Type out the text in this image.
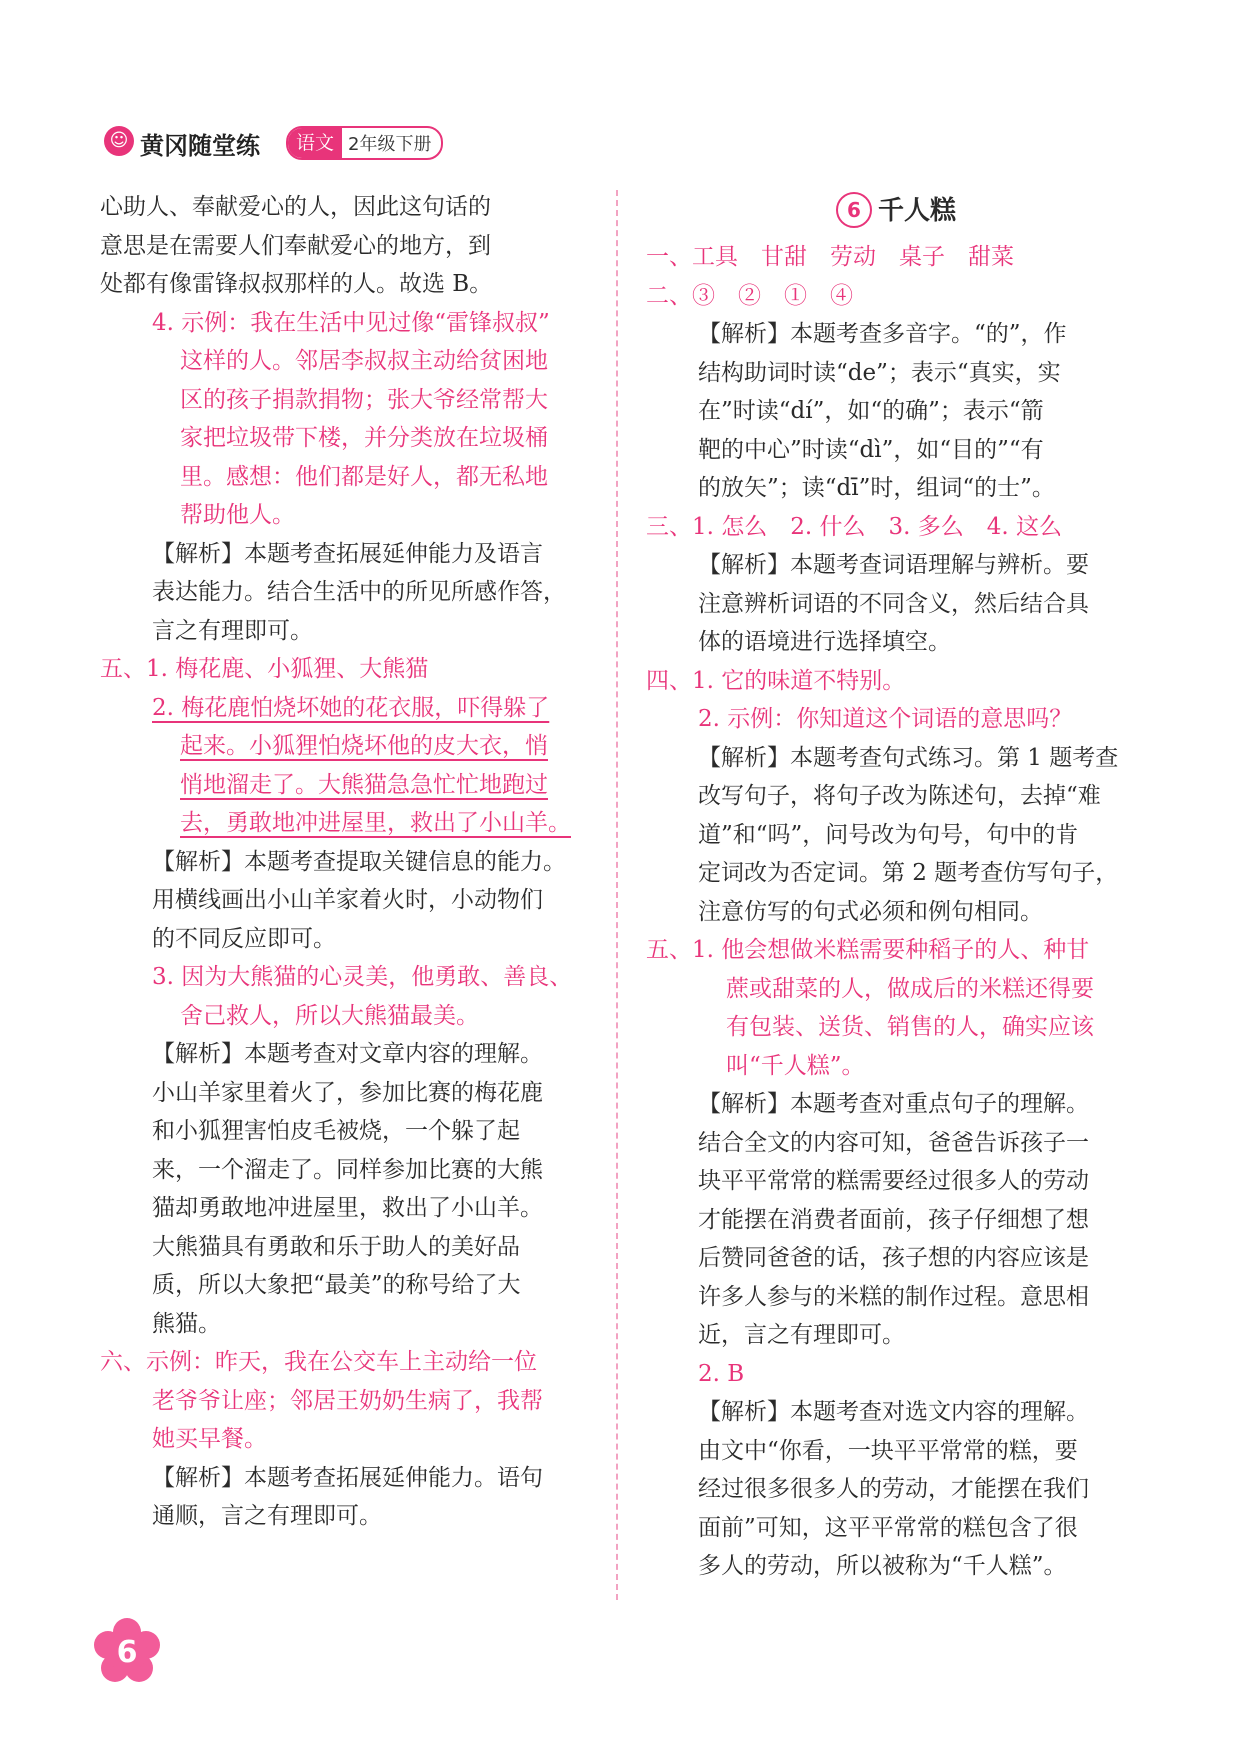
☺ 黄冈随堂练	语文 2年级下册

心助人、奉献爱心的人，因此这句话的

意思是在需要人们奉献爱心的地方，到

处都有像雷锋叔叔那样的人。故选 B。

4. 示例：我在生活中见过像“雷锋叔叔”

这样的人。邻居李叔叔主动给贫困地

区的孩子捐款捐物；张大爷经常帮大

家把垃圾带下楼，并分类放在垃圾桶

里。感想：他们都是好人，都无私地

帮助他人。

【解析】本题考查拓展延伸能力及语言

表达能力。结合生活中的所见所感作答，

言之有理即可。

五、1. 梅花鹿、小狐狸、大熊猫

2. 梅花鹿怕烧坏她的花衣服，吓得躲了

起来。小狐狸怕烧坏他的皮大衣，悄

悄地溜走了。大熊猫急急忙忙地跑过

去，勇敢地冲进屋里，救出了小山羊。

【解析】本题考查提取关键信息的能力。

用横线画出小山羊家着火时，小动物们

的不同反应即可。

3. 因为大熊猫的心灵美，他勇敢、善良、

舍己救人，所以大熊猫最美。

【解析】本题考查对文章内容的理解。

小山羊家里着火了，参加比赛的梅花鹿

和小狐狸害怕皮毛被烧，一个躲了起

来，一个溜走了。同样参加比赛的大熊

猫却勇敢地冲进屋里，救出了小山羊。

大熊猫具有勇敢和乐于助人的美好品

质，所以大象把“最美”的称号给了大

熊猫。

六、示例：昨天，我在公交车上主动给一位

老爷爷让座；邻居王奶奶生病了，我帮

她买早餐。

【解析】本题考查拓展延伸能力。语句

通顺，言之有理即可。

6 千人糕

一、工具　甘甜　劳动　桌子　甜菜

二、③　②　①　④

【解析】本题考查多音字。“的”，作

结构助词时读“de”；表示“真实，实

在”时读“dí”，如“的确”；表示“箭

靶的中心”时读“dì”，如“目的”“有

的放矢”；读“dī”时，组词“的士”。

三、1. 怎么　2. 什么　3. 多么　4. 这么

【解析】本题考查词语理解与辨析。要

注意辨析词语的不同含义，然后结合具

体的语境进行选择填空。

四、1. 它的味道不特别。

2. 示例：你知道这个词语的意思吗？

【解析】本题考查句式练习。第 1 题考查

改写句子，将句子改为陈述句，去掉“难

道”和“吗”，问号改为句号，句中的肯

定词改为否定词。第 2 题考查仿写句子，

注意仿写的句式必须和例句相同。

五、1. 他会想做米糕需要种稻子的人、种甘

蔗或甜菜的人，做成后的米糕还得要

有包装、送货、销售的人，确实应该

叫“千人糕”。

【解析】本题考查对重点句子的理解。

结合全文的内容可知，爸爸告诉孩子一

块平平常常的糕需要经过很多人的劳动

才能摆在消费者面前，孩子仔细想了想

后赞同爸爸的话，孩子想的内容应该是

许多人参与的米糕的制作过程。意思相

近，言之有理即可。

2. B

【解析】本题考查对选文内容的理解。

由文中“你看，一块平平常常的糕，要

经过很多很多人的劳动，才能摆在我们

面前”可知，这平平常常的糕包含了很

多人的劳动，所以被称为“千人糕”。

6
